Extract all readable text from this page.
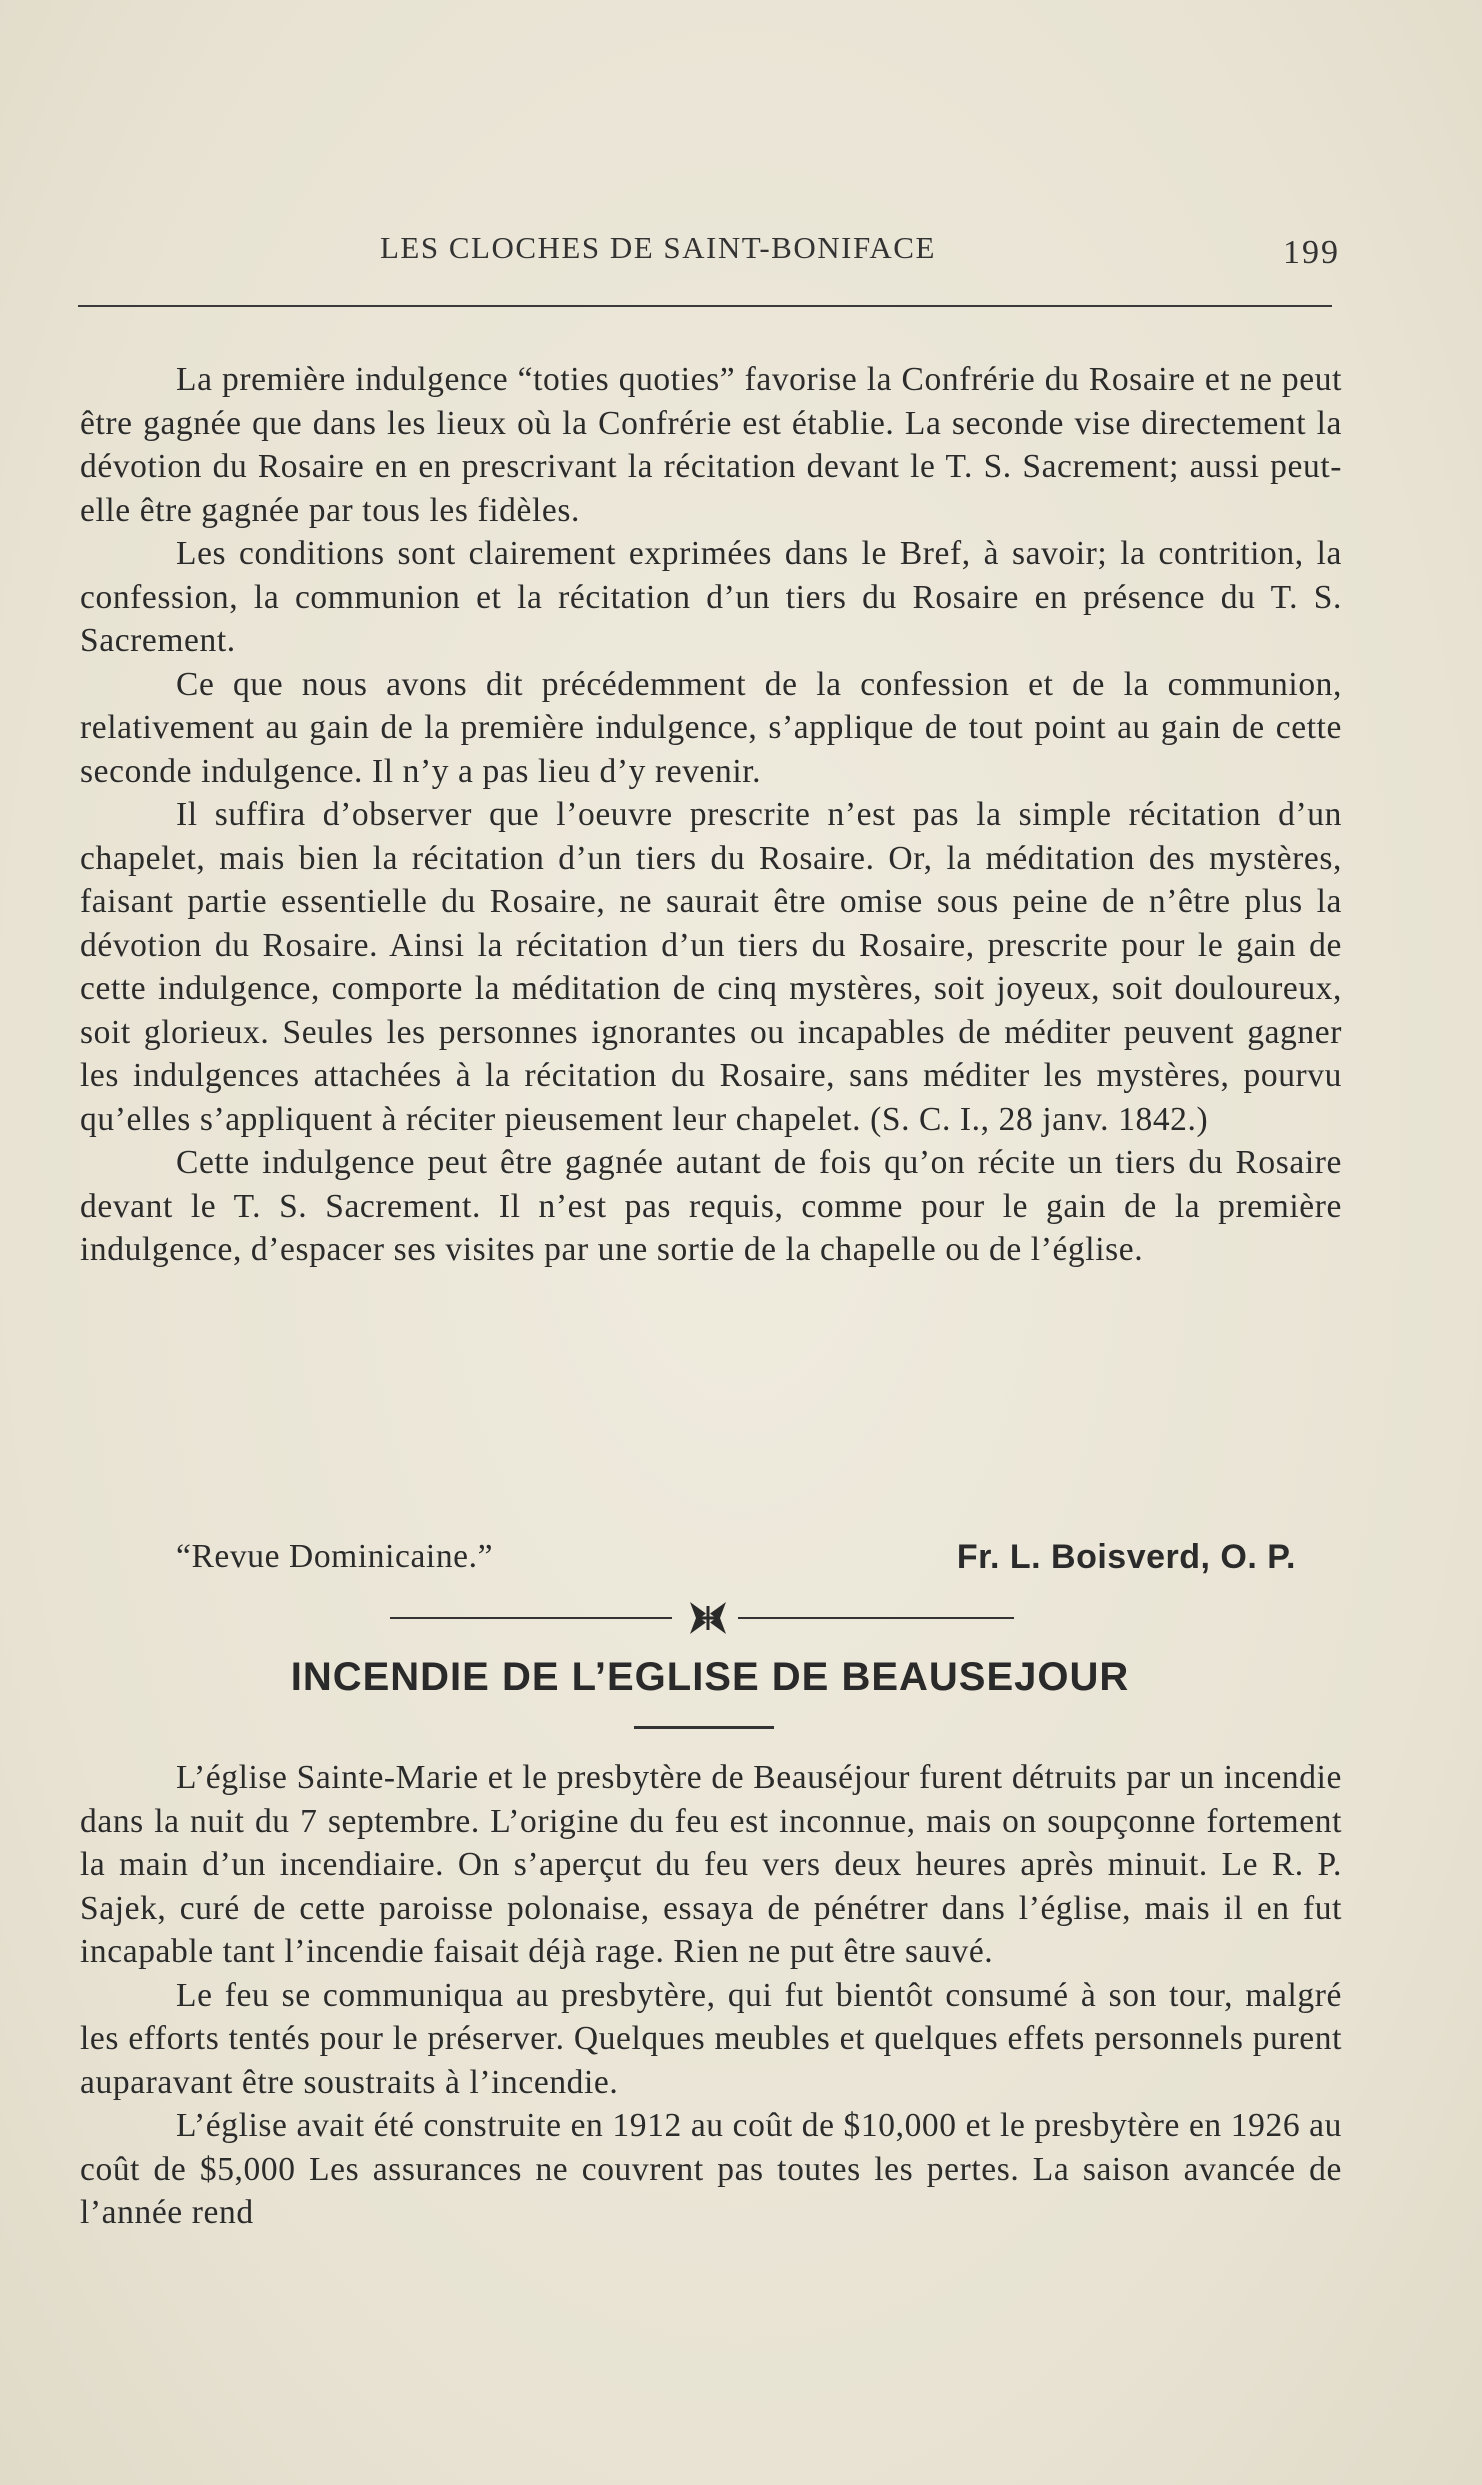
LES CLOCHES DE SAINT-BONIFACE	199

La première indulgence “toties quoties” favorise la Confrérie du Rosaire et ne peut être gagnée que dans les lieux où la Confrérie est établie. La seconde vise directement la dévotion du Rosaire en en prescrivant la récitation devant le T. S. Sacrement; aussi peut-elle être gagnée par tous les fidèles.

Les conditions sont clairement exprimées dans le Bref, à savoir; la contrition, la confession, la communion et la récitation d’un tiers du Rosaire en présence du T. S. Sacrement.

Ce que nous avons dit précédemment de la confession et de la communion, relativement au gain de la première indulgence, s’applique de tout point au gain de cette seconde indulgence. Il n’y a pas lieu d’y revenir.

Il suffira d’observer que l’oeuvre prescrite n’est pas la simple récitation d’un chapelet, mais bien la récitation d’un tiers du Rosaire. Or, la méditation des mystères, faisant partie essentielle du Rosaire, ne saurait être omise sous peine de n’être plus la dévotion du Rosaire. Ainsi la récitation d’un tiers du Rosaire, prescrite pour le gain de cette indulgence, comporte la méditation de cinq mystères, soit joyeux, soit douloureux, soit glorieux. Seules les personnes ignorantes ou incapables de méditer peuvent gagner les indulgences attachées à la récitation du Rosaire, sans méditer les mystères, pourvu qu’elles s’appliquent à réciter pieusement leur chapelet. (S. C. I., 28 janv. 1842.)

Cette indulgence peut être gagnée autant de fois qu’on récite un tiers du Rosaire devant le T. S. Sacrement. Il n’est pas requis, comme pour le gain de la première indulgence, d’espacer ses visites par une sortie de la chapelle ou de l’église.

“Revue Dominicaine.”	Fr. L. Boisverd, O. P.
INCENDIE DE L’EGLISE DE BEAUSEJOUR

L’église Sainte-Marie et le presbytère de Beauséjour furent détruits par un incendie dans la nuit du 7 septembre. L’origine du feu est inconnue, mais on soupçonne fortement la main d’un incendiaire. On s’aperçut du feu vers deux heures après minuit. Le R. P. Sajek, curé de cette paroisse polonaise, essaya de pénétrer dans l’église, mais il en fut incapable tant l’incendie faisait déjà rage. Rien ne put être sauvé.

Le feu se communiqua au presbytère, qui fut bientôt consumé à son tour, malgré les efforts tentés pour le préserver. Quelques meubles et quelques effets personnels purent auparavant être soustraits à l’incendie.

L’église avait été construite en 1912 au coût de $10,000 et le presbytère en 1926 au coût de $5,000 Les assurances ne couvrent pas toutes les pertes. La saison avancée de l’année rend
